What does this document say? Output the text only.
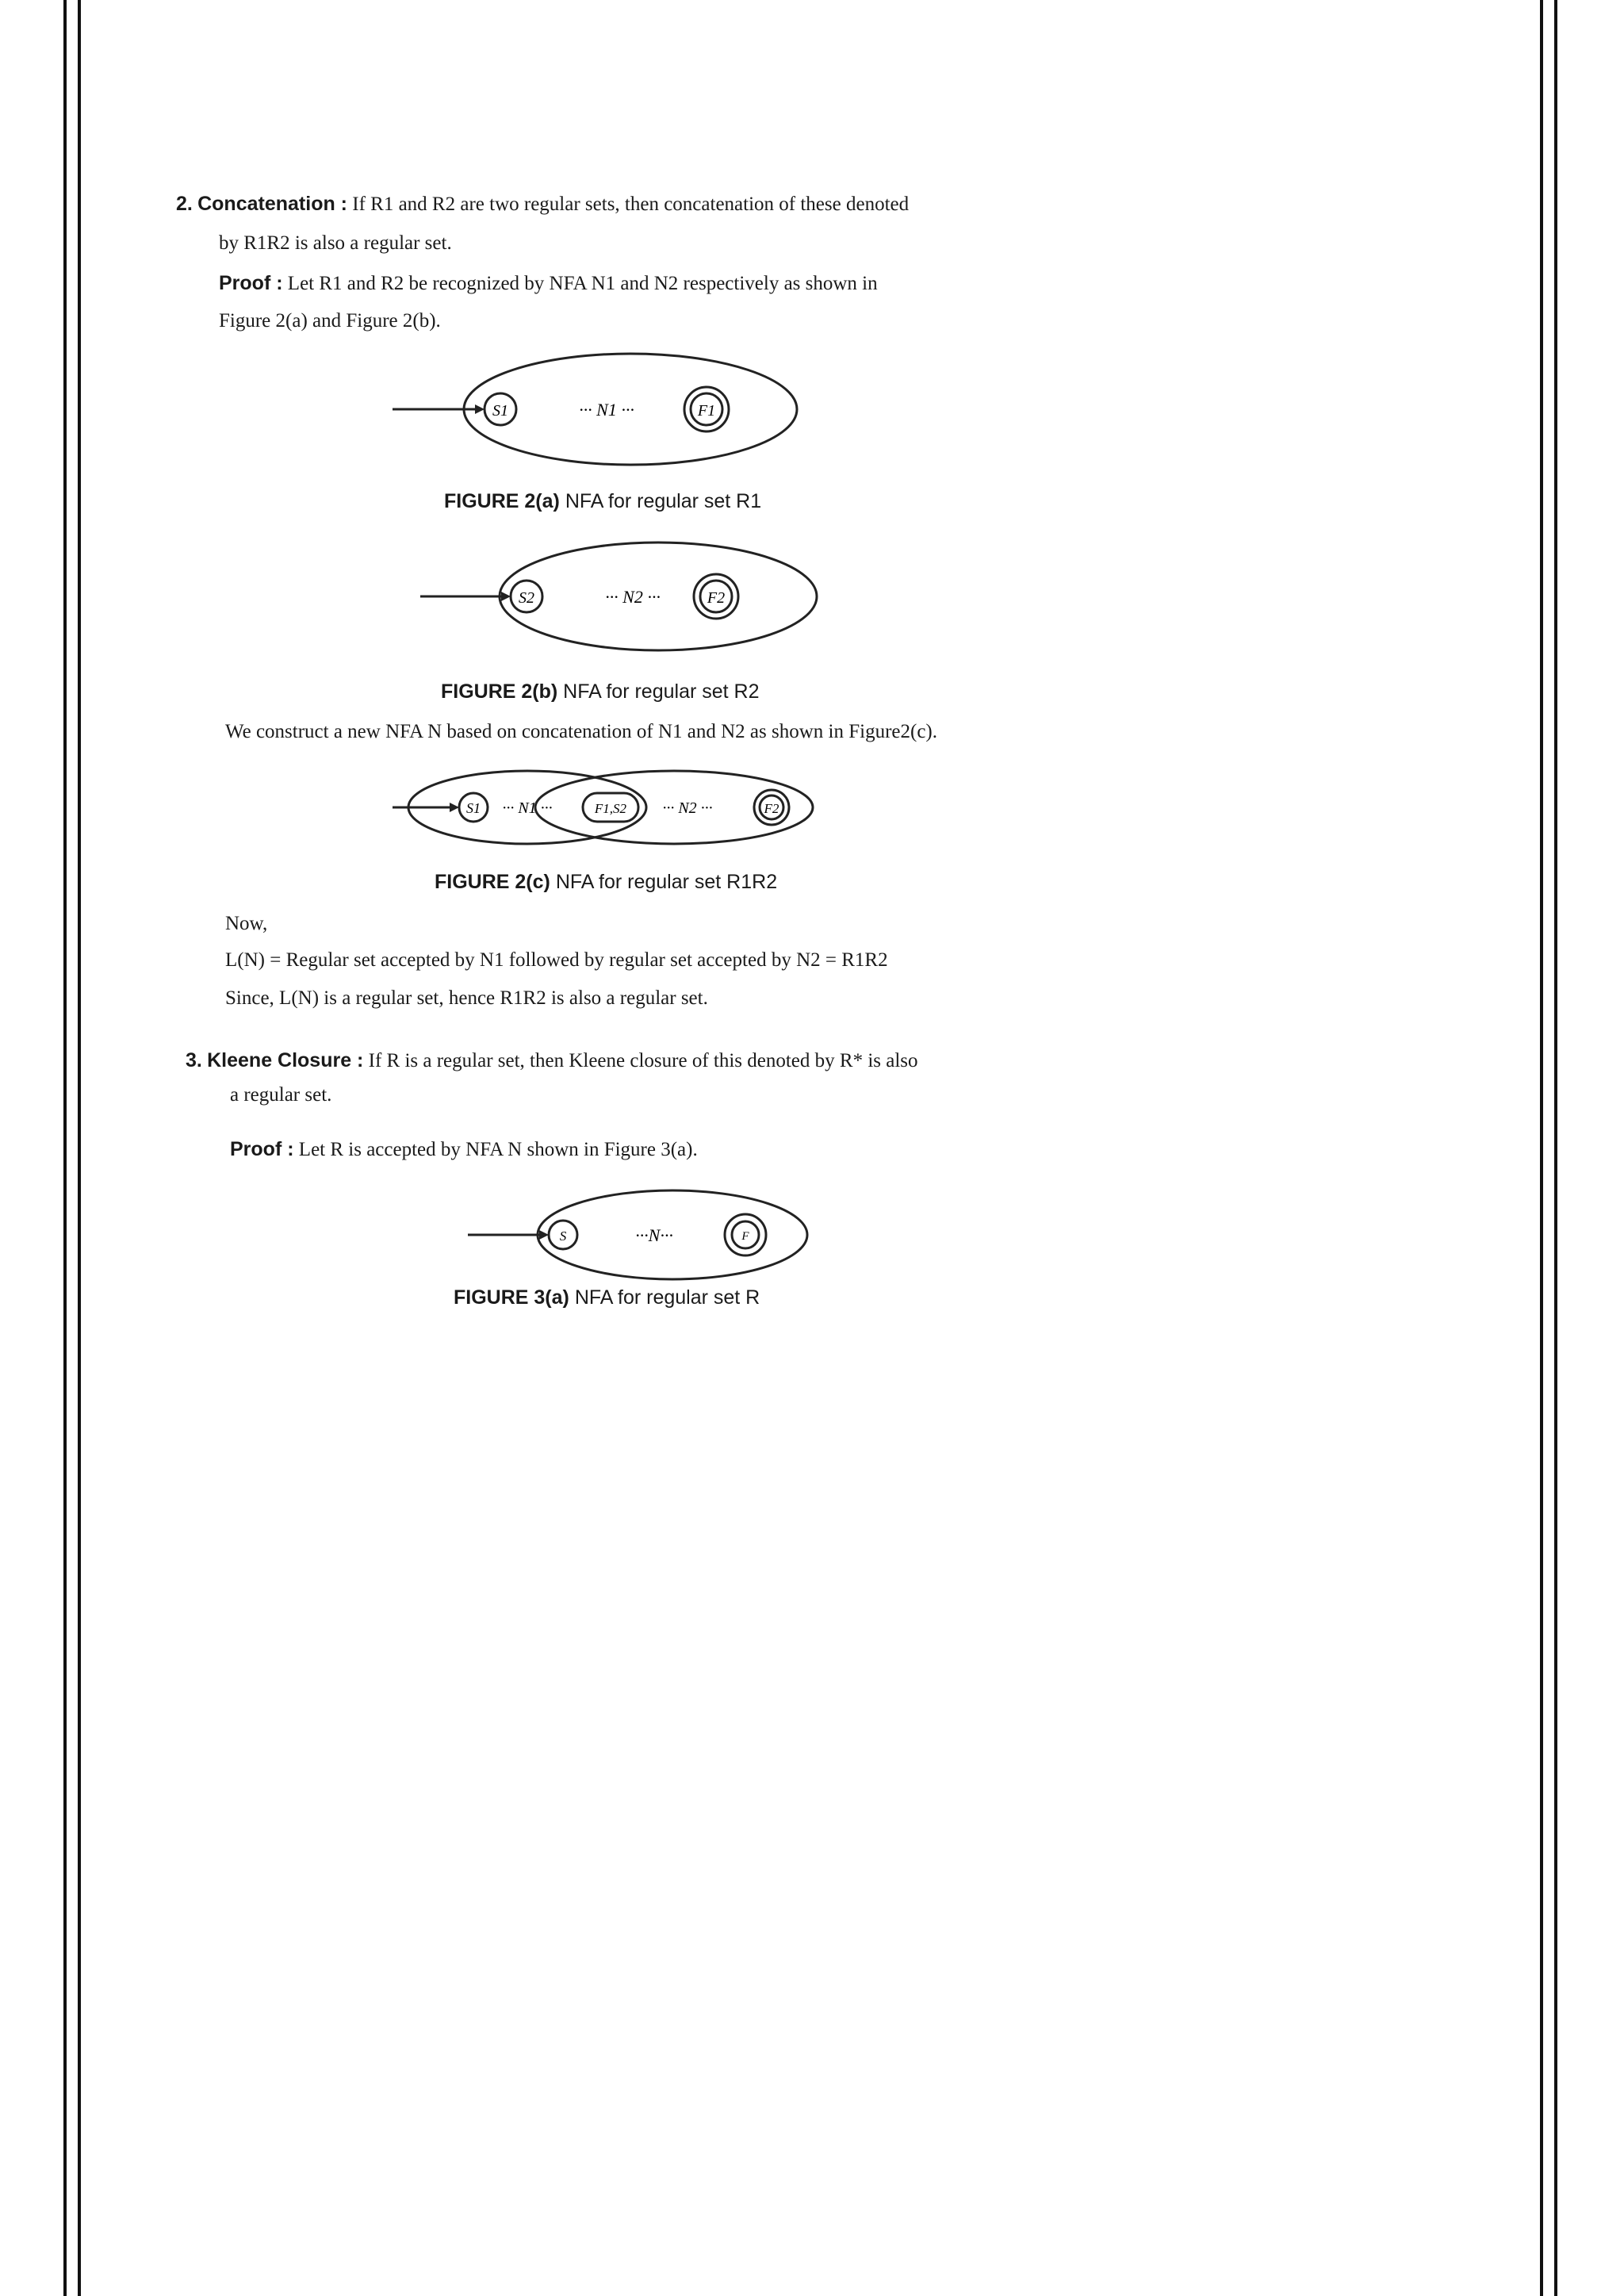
2. Concatenation : If R1 and R2 are two regular sets, then concatenation of these denoted
by R1R2 is also a regular set.
Proof : Let R1 and R2 be recognized by NFA N1 and N2 respectively as shown in
Figure 2(a) and Figure 2(b).
S1	··· N1 ···	F1
FIGURE 2(a) NFA for regular set R1
S2	··· N2 ···	F2
FIGURE 2(b) NFA for regular set R2
We construct a new NFA N based on concatenation of N1 and N2 as shown in Figure2(c).
S1 ··· N1 ···	F1,S2 ··· N2 ···	F2
FIGURE 2(c) NFA for regular set R1R2
Now,
L(N) = Regular set accepted by N1 followed by regular set accepted by N2 = R1R2
Since, L(N) is a regular set, hence R1R2 is also a regular set.
3. Kleene Closure : If R is a regular set, then Kleene closure of this denoted by R* is also
a regular set.
Proof : Let R is accepted by NFA N shown in Figure 3(a).
S	···N···	F
FIGURE 3(a) NFA for regular set R
